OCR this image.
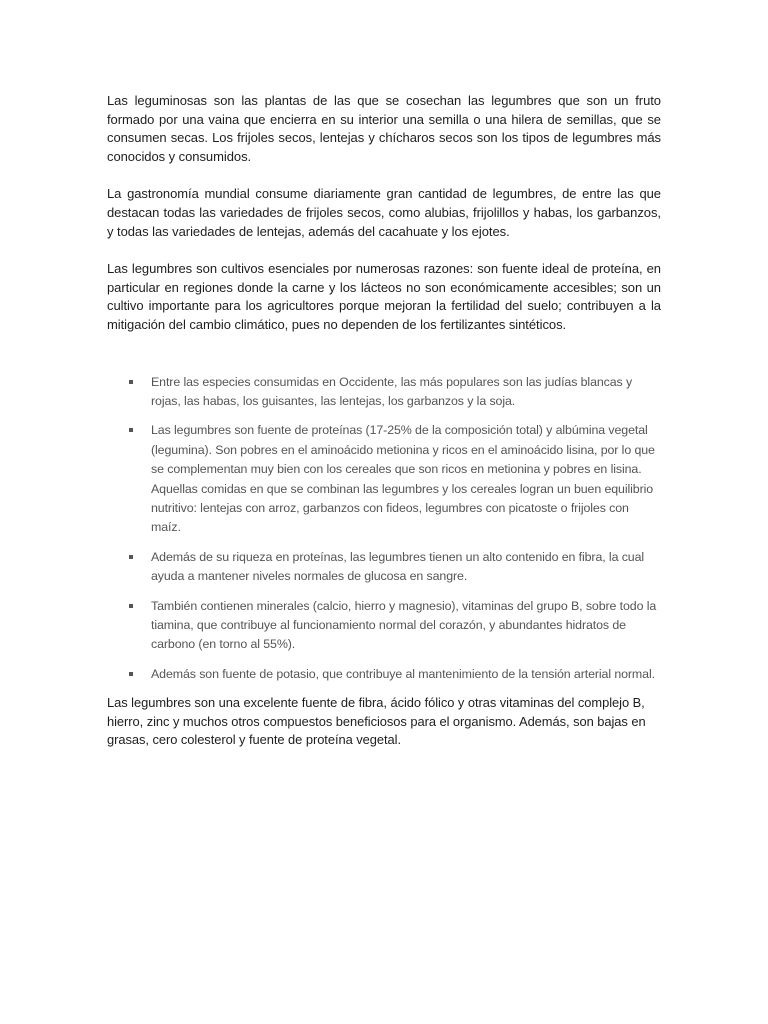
Las leguminosas son las plantas de las que se cosechan las legumbres que son un fruto formado por una vaina que encierra en su interior una semilla o una hilera de semillas, que se consumen secas. Los frijoles secos, lentejas y chícharos secos son los tipos de legumbres más conocidos y consumidos.

La gastronomía mundial consume diariamente gran cantidad de legumbres, de entre las que destacan todas las variedades de frijoles secos, como alubias, frijolillos y habas, los garbanzos, y todas las variedades de lentejas, además del cacahuate y los ejotes.

Las legumbres son cultivos esenciales por numerosas razones: son fuente ideal de proteína, en particular en regiones donde la carne y los lácteos no son económicamente accesibles; son un cultivo importante para los agricultores porque mejoran la fertilidad del suelo; contribuyen a la mitigación del cambio climático, pues no dependen de los fertilizantes sintéticos.

Entre las especies consumidas en Occidente, las más populares son las judías blancas y rojas, las habas, los guisantes, las lentejas, los garbanzos y la soja.
Las legumbres son fuente de proteínas (17-25% de la composición total) y albúmina vegetal (legumina). Son pobres en el aminoácido metionina y ricos en el aminoácido lisina, por lo que se complementan muy bien con los cereales que son ricos en metionina y pobres en lisina. Aquellas comidas en que se combinan las legumbres y los cereales logran un buen equilibrio nutritivo: lentejas con arroz, garbanzos con fideos, legumbres con picatoste o frijoles con maíz.
Además de su riqueza en proteínas, las legumbres tienen un alto contenido en fibra, la cual ayuda a mantener niveles normales de glucosa en sangre.
También contienen minerales (calcio, hierro y magnesio), vitaminas del grupo B, sobre todo la tiamina, que contribuye al funcionamiento normal del corazón, y abundantes hidratos de carbono (en torno al 55%).
Además son fuente de potasio, que contribuye al mantenimiento de la tensión arterial normal.

Las legumbres son una excelente fuente de fibra, ácido fólico y otras vitaminas del complejo B, hierro, zinc y muchos otros compuestos beneficiosos para el organismo. Además, son bajas en grasas, cero colesterol y fuente de proteína vegetal.
